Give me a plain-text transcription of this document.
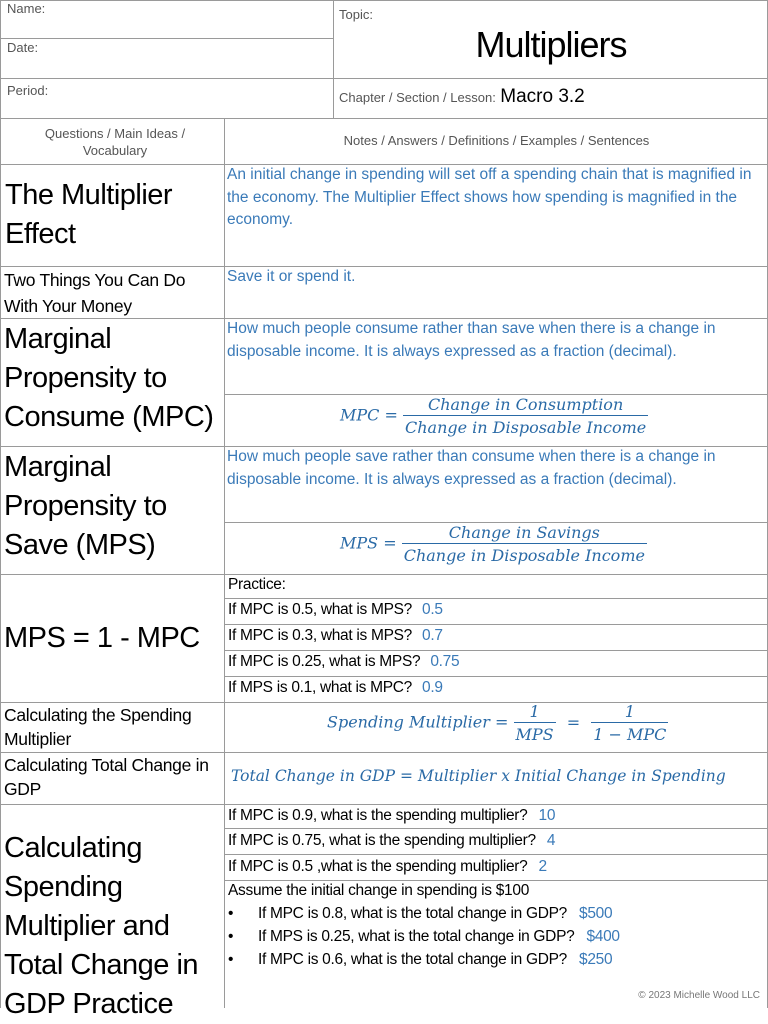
Name:
Date:
Period:
Topic:
Multipliers
Chapter / Section / Lesson: Macro 3.2
Questions / Main Ideas / Vocabulary
Notes / Answers / Definitions / Examples / Sentences
The Multiplier Effect
An initial change in spending will set off a spending chain that is magnified in the economy. The Multiplier Effect shows how spending is magnified in the economy.
Two Things You Can Do With Your Money
Save it or spend it.
Marginal Propensity to Consume (MPC)
How much people consume rather than save when there is a change in disposable income. It is always expressed as a fraction (decimal).
MPC = $\frac{\text{Change in Consumption}}{\text{Change in Disposable Income}}$
Marginal Propensity to Save (MPS)
How much people save rather than consume when there is a change in disposable income. It is always expressed as a fraction (decimal).
MPS = $\frac{\text{Change in Savings}}{\text{Change in Disposable Income}}$
MPS = 1 - MPC
Practice:
If MPC is 0.5, what is MPS? 0.5
If MPC is 0.3, what is MPS? 0.7
If MPC is 0.25, what is MPS? 0.75
If MPS is 0.1, what is MPC? 0.9
Calculating the Spending Multiplier
Spending Multiplier = $\frac{1}{\text{MPS}} = \frac{1}{\text{1 − MPC}}$
Calculating Total Change in GDP
Total Change in GDP = Multiplier x Initial Change in Spending
Calculating Spending Multiplier and Total Change in GDP Practice
If MPC is 0.9, what is the spending multiplier? 10
If MPC is 0.75, what is the spending multiplier? 4
If MPC is 0.5 ,what is the spending multiplier? 2
Assume the initial change in spending is $100
• If MPC is 0.8, what is the total change in GDP? $500
• If MPS is 0.25, what is the total change in GDP? $400
• If MPC is 0.6, what is the total change in GDP? $250
© 2023 Michelle Wood LLC
